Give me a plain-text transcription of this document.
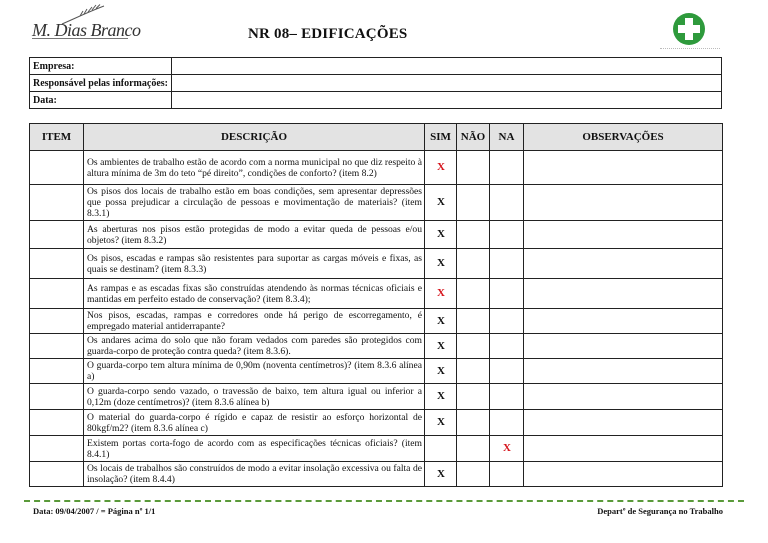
M. Dias Branco	NR 08– EDIFICAÇÕES
Empresa:	
Responsável pelas informações:	
Data:	
ITEM	DESCRIÇÃO	SIM	NÃO	NA	OBSERVAÇÕES
	Os ambientes de trabalho estão de acordo com a norma municipal no que diz respeito à altura mínima de 3m do teto “pé direito”, condições de conforto? (item 8.2)	X			
	Os pisos dos locais de trabalho estão em boas condições, sem apresentar depressões que possa prejudicar a circulação de pessoas e movimentação de materiais? (item 8.3.1)	X			
	As aberturas nos pisos estão protegidas de modo a evitar queda de pessoas e/ou objetos? (item 8.3.2)	X			
	Os pisos, escadas e rampas são resistentes para suportar as cargas móveis e fixas, as quais se destinam? (item 8.3.3)	X			
	As rampas e as escadas fixas são construídas atendendo às normas técnicas oficiais e mantidas em perfeito estado de conservação? (item 8.3.4);	X			
	Nos pisos, escadas, rampas e corredores onde há perigo de escorregamento, é empregado material antiderrapante?	X			
	Os andares acima do solo que não foram vedados com paredes são protegidos com guarda-corpo de proteção contra queda? (item 8.3.6).	X			
	O guarda-corpo tem altura mínima de 0,90m (noventa centímetros)? (item 8.3.6 alínea a)	X			
	O guarda-corpo sendo vazado, o travessão de baixo, tem altura igual ou inferior a 0,12m (doze centímetros)? (item 8.3.6 alínea b)	X			
	O material do guarda-corpo é rígido e capaz de resistir ao esforço horizontal de 80kgf/m2? (item 8.3.6 alínea c)	X			
	Existem portas corta-fogo de acordo com as especificações técnicas oficiais? (item 8.4.1)			X	
	Os locais de trabalhos são construídos de modo a evitar insolação excessiva ou falta de insolação? (item 8.4.4)	X			
Data: 09/04/2007 / = Página nº 1/1	Departº de Segurança no Trabalho
